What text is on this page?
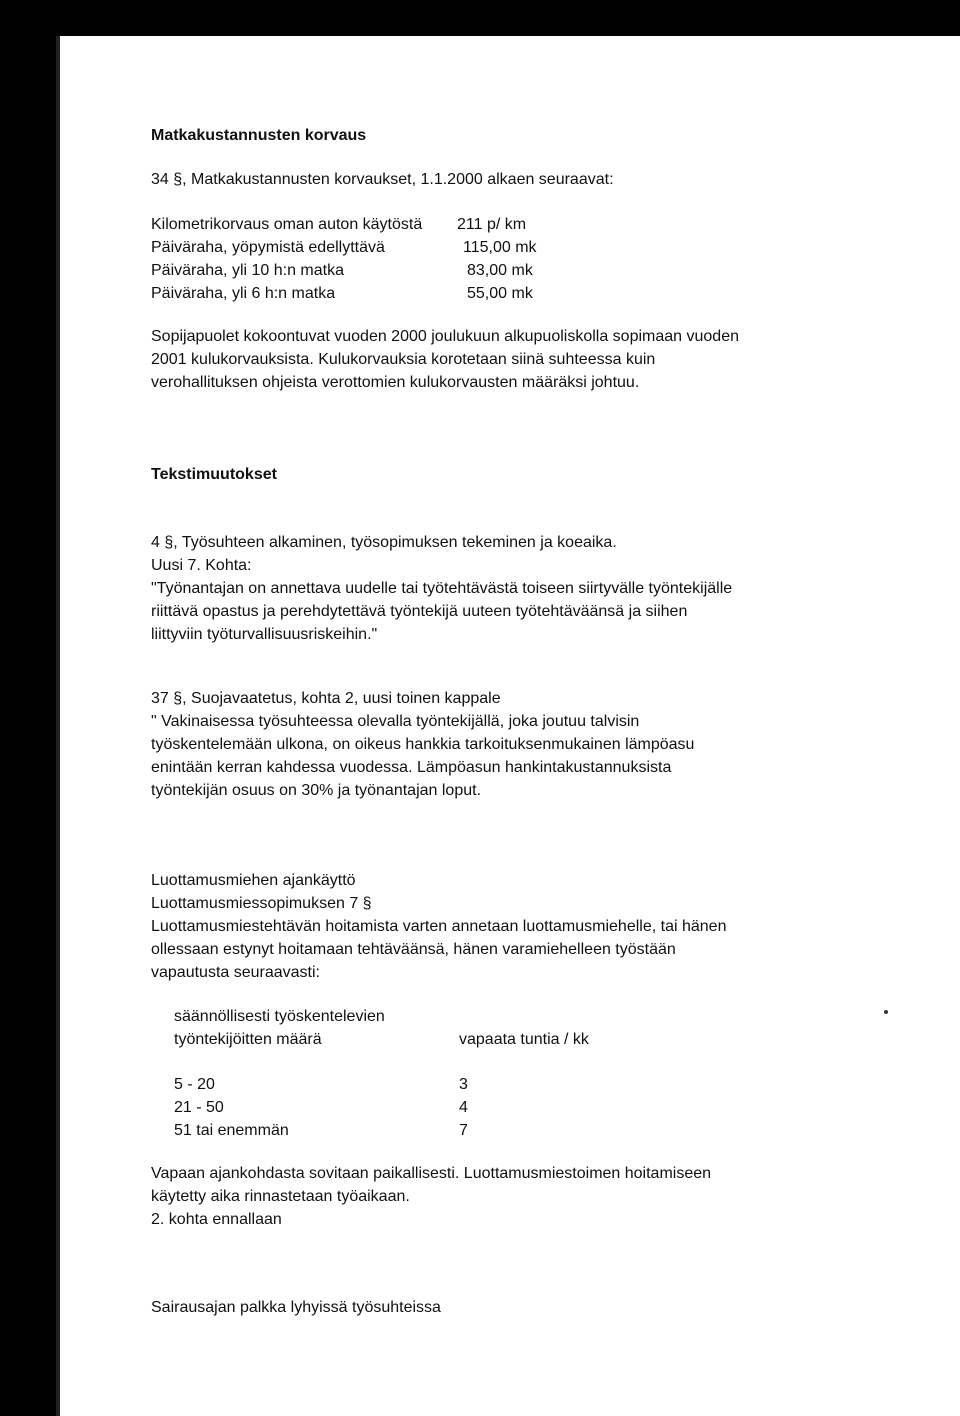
Matkakustannusten korvaus

34 §, Matkakustannusten korvaukset, 1.1.2000 alkaen seuraavat:

Kilometrikorvaus oman auton käytöstä 211 p/ km

Päiväraha, yöpymistä edellyttävä	115,00 mk

Päiväraha, yli 10 h:n matka	83,00 mk

Päiväraha, yli 6 h:n matka	55,00 mk

Sopijapuolet kokoontuvat vuoden 2000 joulukuun alkupuoliskolla sopimaan vuoden

2001 kulukorvauksista. Kulukorvauksia korotetaan siinä suhteessa kuin

verohallituksen ohjeista verottomien kulukorvausten määräksi johtuu.

Tekstimuutokset

4 §, Työsuhteen alkaminen, työsopimuksen tekeminen ja koeaika.

Uusi 7. Kohta:

"Työnantajan on annettava uudelle tai työtehtävästä toiseen siirtyvälle työntekijälle

riittävä opastus ja perehdytettävä työntekijä uuteen työtehtäväänsä ja siihen

liittyviin työturvallisuusriskeihin."

37 §, Suojavaatetus, kohta 2, uusi toinen kappale

" Vakinaisessa työsuhteessa olevalla työntekijällä, joka joutuu talvisin

työskentelemään ulkona, on oikeus hankkia tarkoituksenmukainen lämpöasu

enintään kerran kahdessa vuodessa. Lämpöasun hankintakustannuksista

työntekijän osuus on 30% ja työnantajan loput.

Luottamusmiehen ajankäyttö

Luottamusmiessopimuksen 7 §

Luottamusmiestehtävän hoitamista varten annetaan luottamusmiehelle, tai hänen

ollessaan estynyt hoitamaan tehtäväänsä, hänen varamiehelleen työstään

vapautusta seuraavasti:

säännöllisesti työskentelevien

työntekijöitten määrä	vapaata tuntia / kk

5 - 20	3

21 - 50	4

51 tai enemmän	7

Vapaan ajankohdasta sovitaan paikallisesti. Luottamusmiestoimen hoitamiseen

käytetty aika rinnastetaan työaikaan.

2. kohta ennallaan

Sairausajan palkka lyhyissä työsuhteissa
